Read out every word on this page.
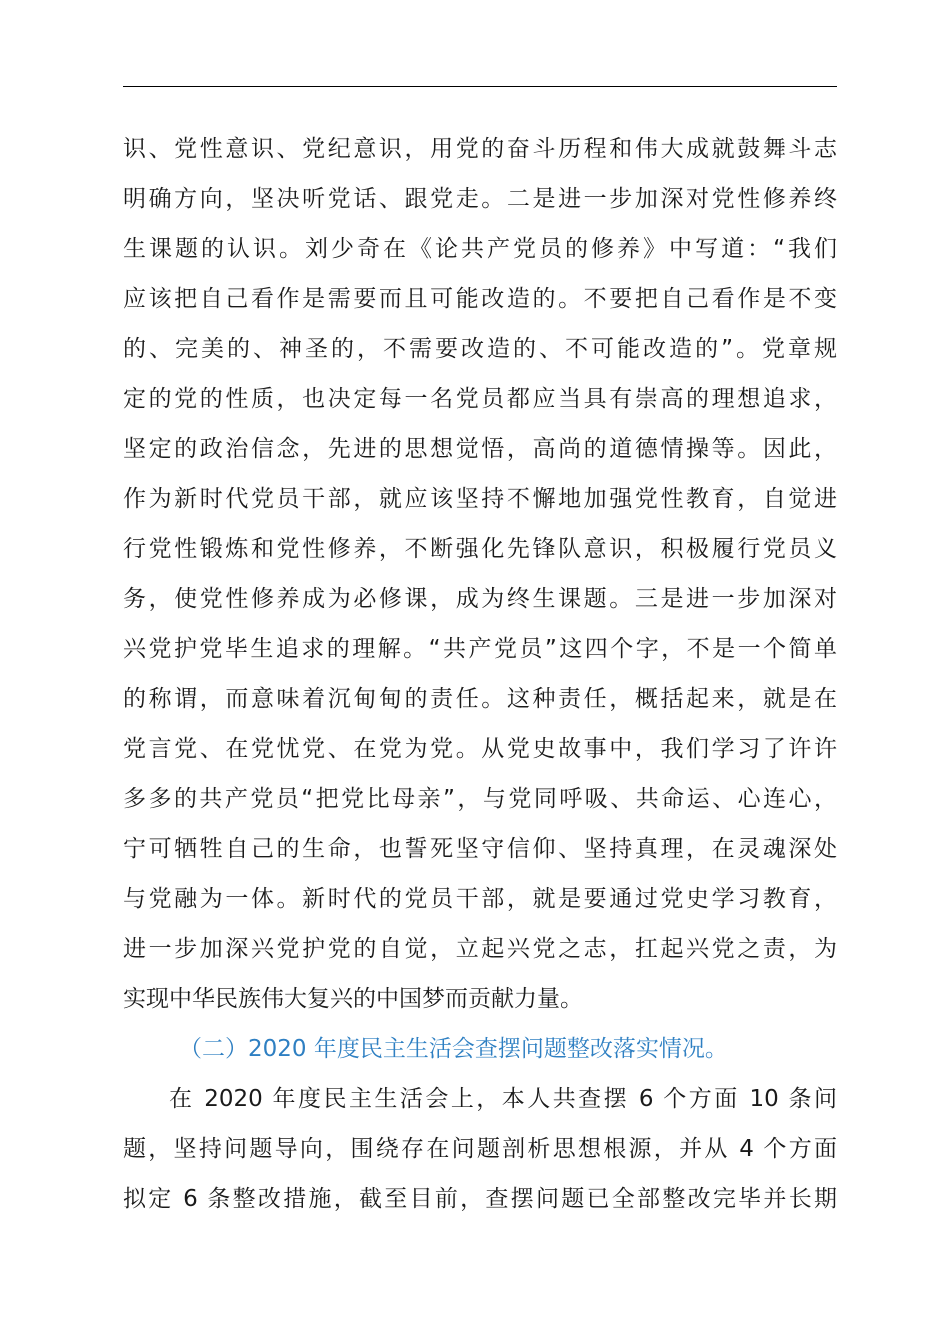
识、党性意识、党纪意识，用党的奋斗历程和伟大成就鼓舞斗志
明确方向，坚决听党话、跟党走。二是进一步加深对党性修养终
生课题的认识。刘少奇在《论共产党员的修养》中写道：“我们
应该把自己看作是需要而且可能改造的。不要把自己看作是不变
的、完美的、神圣的，不需要改造的、不可能改造的”。党章规
定的党的性质，也决定每一名党员都应当具有崇高的理想追求，
坚定的政治信念，先进的思想觉悟，高尚的道德情操等。因此，
作为新时代党员干部，就应该坚持不懈地加强党性教育，自觉进
行党性锻炼和党性修养，不断强化先锋队意识，积极履行党员义
务，使党性修养成为必修课，成为终生课题。三是进一步加深对
兴党护党毕生追求的理解。“共产党员”这四个字，不是一个简单
的称谓，而意味着沉甸甸的责任。这种责任，概括起来，就是在
党言党、在党忧党、在党为党。从党史故事中，我们学习了许许
多多的共产党员“把党比母亲”，与党同呼吸、共命运、心连心，
宁可牺牲自己的生命，也誓死坚守信仰、坚持真理，在灵魂深处
与党融为一体。新时代的党员干部，就是要通过党史学习教育，
进一步加深兴党护党的自觉，立起兴党之志，扛起兴党之责，为
实现中华民族伟大复兴的中国梦而贡献力量。
（二）2020 年度民主生活会查摆问题整改落实情况。
在 2020 年度民主生活会上，本人共查摆 6 个方面 10 条问
题，坚持问题导向，围绕存在问题剖析思想根源，并从 4 个方面
拟定 6 条整改措施，截至目前，查摆问题已全部整改完毕并长期
